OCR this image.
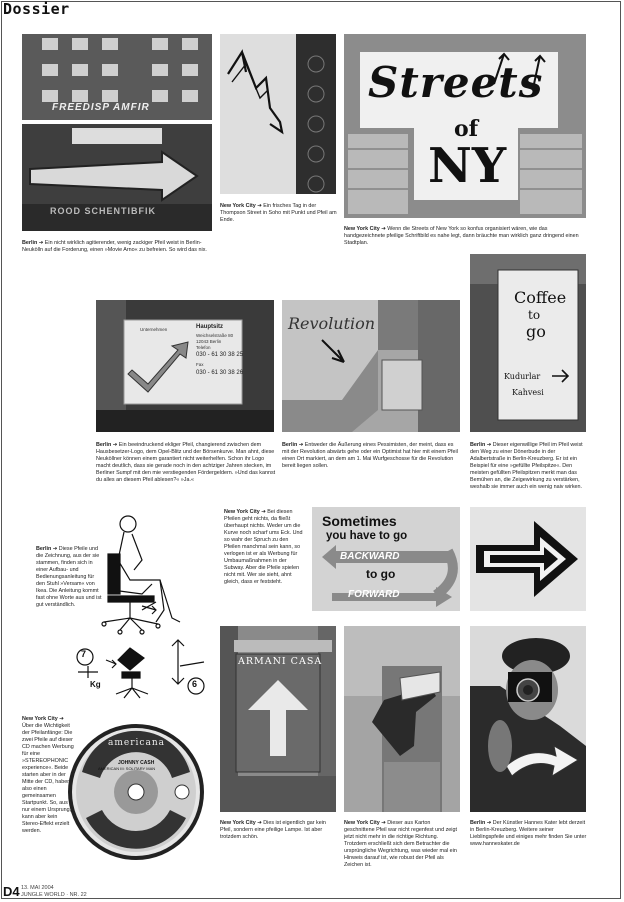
Dossier
FREEDISP AMFIR
ROOD SCHENTIBFIK
Berlin ➔ Ein nicht wirklich agitierender, wenig zackiger Pfeil weist in Berlin-Neukölln auf die Forderung, einen »Movie Arno« zu befreien. So wird das nix.
New York City ➔ Ein frisches Tag in der Thompson Street in Soho mit Punkt und Pfeil am Ende.
Streets
of
NY
New York City ➔ Wenn die Streets of New York so konfus organisiert wären, wie das handgezeichnete pfeilige Schriftbild es nahe legt, dann bräuchte man wirklich ganz dringend einen Stadtplan.
Unternehmen	Hauptsitz
Weichselstraße 80
12043 Berlin
Telefon
030 - 61 30 38 25
Fax
030 - 61 30 38 26
Berlin ➔ Ein beeindruckend ekliger Pfeil, changierend zwischen dem Hausbesetzer-Logo, dem Opel-Blitz und der Börsenkurve. Man ahnt, diese Neuköllner können einem garantiert nicht weiterhelfen. Schon ihr Logo macht deutlich, dass sie gerade noch in den achtziger Jahren stecken, im Berliner Sumpf mit den mie verstiegenden Fördergeldern. »Und das kannst du alles an diesem Pfeil ablesen?« »Ja.«
Revolution
Berlin ➔ Entweder die Äußerung eines Pessimisten, der meint, dass es mit der Revolution abwärts gehe oder ein Optimist hat hier mit einem Pfeil einen Ort markiert, an dem am 1. Mai Wurfgeschosse für die Revolution bereit liegen sollen.
Coffee
to
go
Kudurlar
Kahvesi
Berlin ➔ Dieser eigenwillige Pfeil im Pfeil weist den Weg zu einer Dönerbude in der Adalbertstraße in Berlin-Kreuzberg. Er ist ein Beispiel für eine »gefüllte Pfeilspitze«. Den meisten gefüllten Pfeilspitzen merkt man das Bemühen an, die Zeigewirkung zu verstärken, weshalb sie immer auch ein wenig naiv wirken.
7
Kg	6
Berlin ➔ Diese Pfeile und die Zeichnung, aus der sie stammen, finden sich in einer Aufbau- und Bedienungsanleitung für den Stuhl »Versam« von Ikea. Die Anleitung kommt fast ohne Worte aus und ist gut verständlich.
New York City ➔ Bei diesen Pfeilen geht nichts, da fließt überhaupt nichts. Weder um die Kurve noch scharf ums Eck. Und so wahr der Spruch zu den Pfeilen manchmal sein kann, so verlogen ist er als Werbung für Umbaumaßnahmen in der Subway. Aber die Pfeile spielen nicht mit. Wer sie sieht, ahnt gleich, dass er feststeht.
Sometimes
you have to go
BACKWARD
to go
FORWARD
ARMANI CASA
New York City ➔ Dies ist eigentlich gar kein Pfeil, sondern eine pfeilige Lampe. Ist aber trotzdem schön.
New York City ➔ Dieser aus Karton geschnittene Pfeil war nicht regenfest und zeigt jetzt nicht mehr in die richtige Richtung. Trotzdem erschließt sich dem Betrachter die ursprüngliche Wegrichtung, was wieder mal ein Hinweis darauf ist, wie robust der Pfeil als Zeichen ist.
Berlin ➔ Der Künstler Hannes Kater lebt derzeit in Berlin-Kreuzberg. Weitere seiner Lieblingspfeile und einiges mehr finden Sie unter www.hanneskater.de
americana
JOHNNY CASH
AMERICAN III: SOLITARY MAN
New York City ➔ Über die Wichtigkeit der Pfeilanfänge: Die zwei Pfeile auf dieser CD machen Werbung für eine »STEREOPHONIC experience«. Beide starten aber in der Mitte der CD, haben also einen gemeinsamen Startpunkt. So, aus nur einem Ursprung, kann aber kein Stereo-Effekt erzielt werden.
D4 13. MAI 2004
JUNGLE WORLD · NR. 22
